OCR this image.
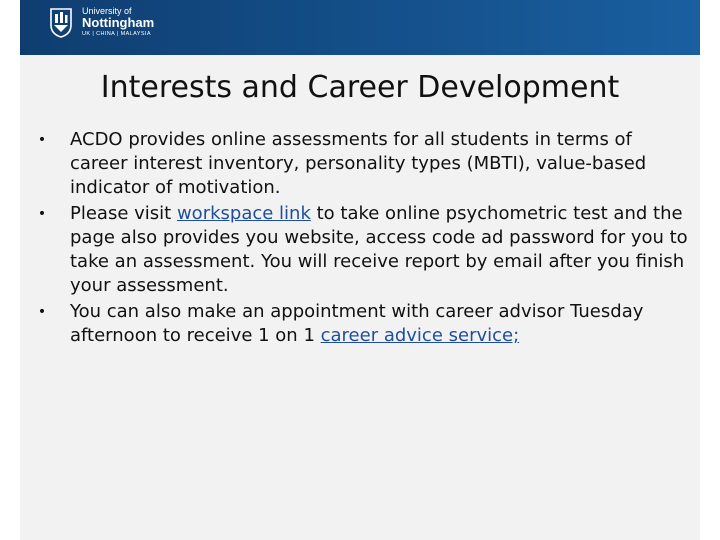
University of
Nottingham
UK | CHINA | MALAYSIA
Interests and Career Development
•	ACDO provides online assessments for all students in terms of career interest inventory, personality types (MBTI), value-based indicator of motivation.
•	Please visit workspace link to take online psychometric test and the page also provides you website, access code ad password for you to take an assessment. You will receive report by email after you finish your assessment.
•	You can also make an appointment with career advisor Tuesday afternoon to receive 1 on 1 career advice service;
